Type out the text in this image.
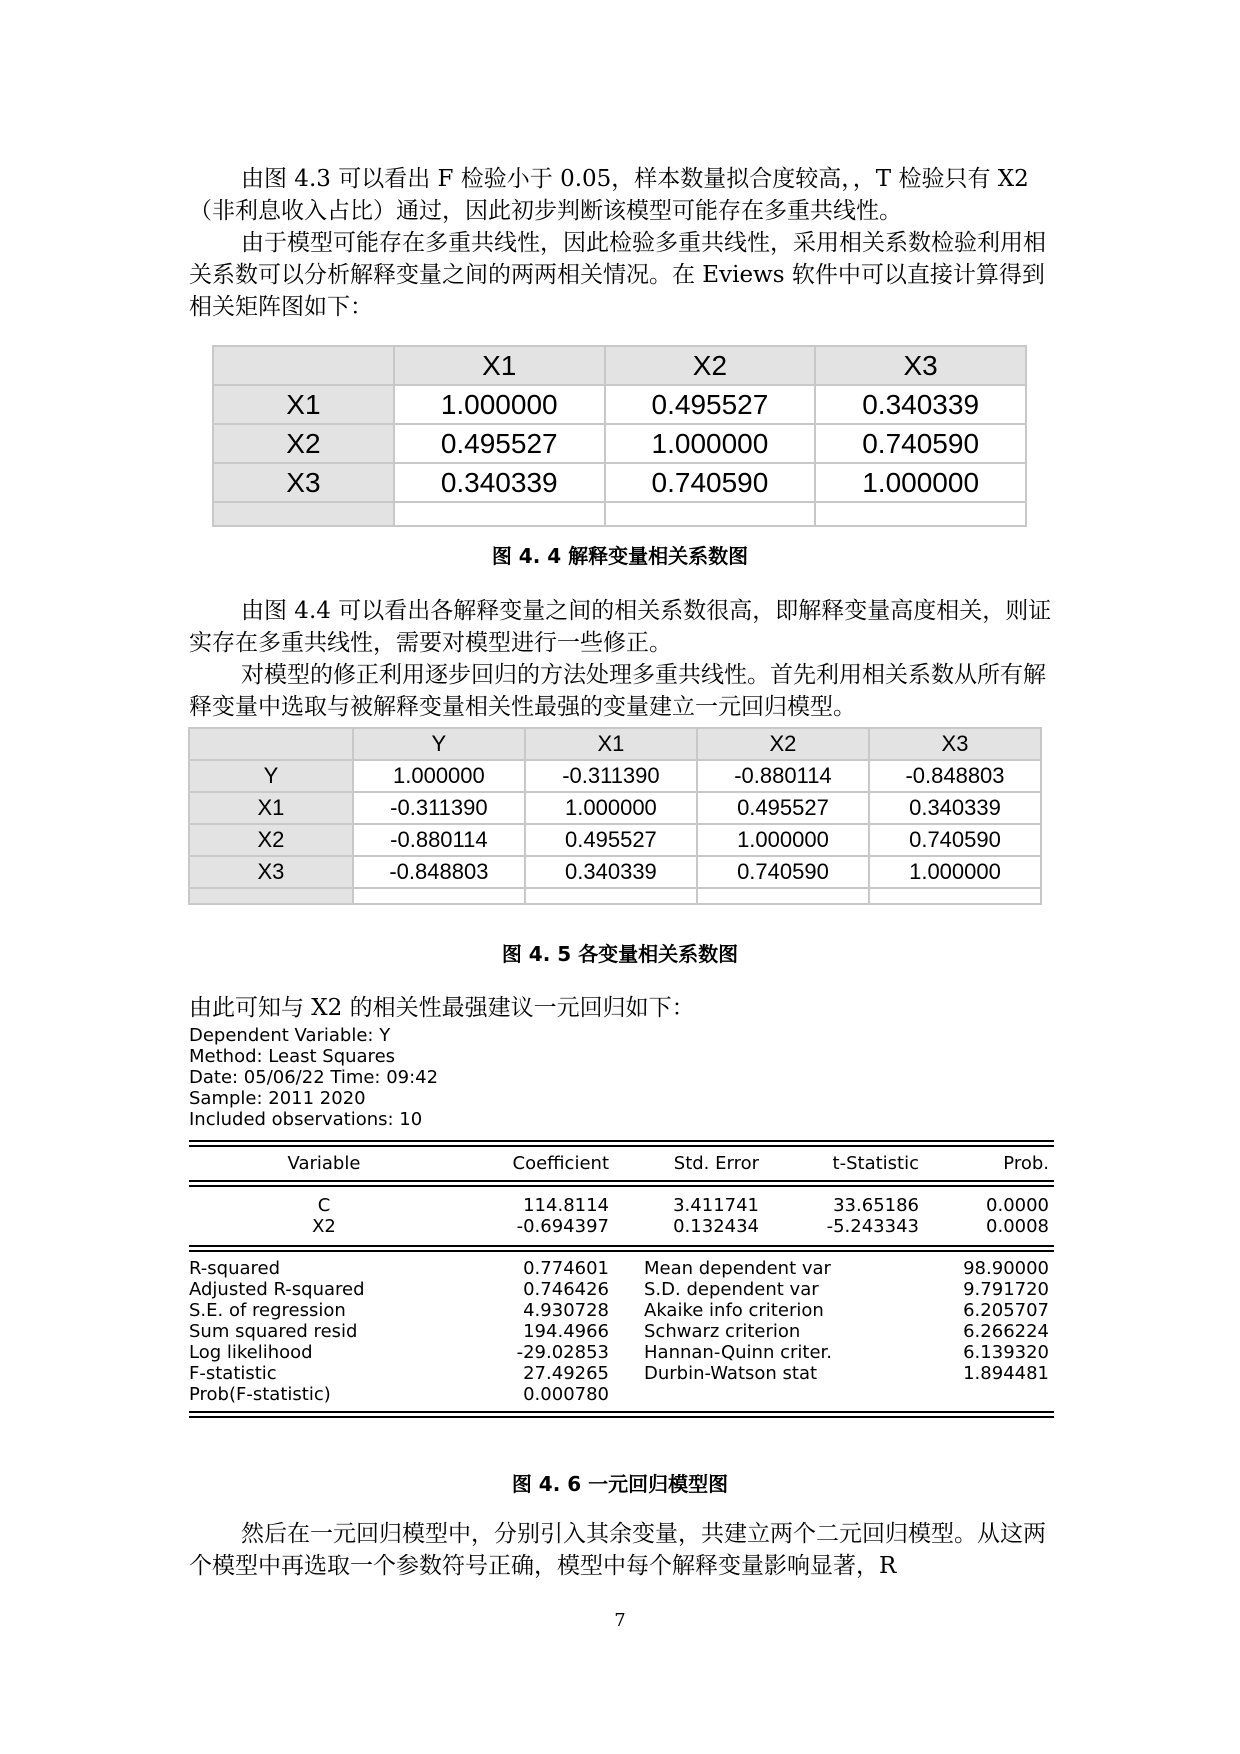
由图 4.3 可以看出 F 检验小于 0.05，样本数量拟合度较高，，T 检验只有 X2（非利息收入占比）通过，因此初步判断该模型可能存在多重共线性。

由于模型可能存在多重共线性，因此检验多重共线性，采用相关系数检验利用相关系数可以分析解释变量之间的两两相关情况。在 Eviews 软件中可以直接计算得到相关矩阵图如下：

	X1	X2	X3
X1	1.000000	0.495527	0.340339
X2	0.495527	1.000000	0.740590
X3	0.340339	0.740590	1.000000

图 4. 4 解释变量相关系数图

由图 4.4 可以看出各解释变量之间的相关系数很高，即解释变量高度相关，则证实存在多重共线性，需要对模型进行一些修正。

对模型的修正利用逐步回归的方法处理多重共线性。首先利用相关系数从所有解释变量中选取与被解释变量相关性最强的变量建立一元回归模型。

	Y	X1	X2	X3
Y	1.000000	-0.311390	-0.880114	-0.848803
X1	-0.311390	1.000000	0.495527	0.340339
X2	-0.880114	0.495527	1.000000	0.740590
X3	-0.848803	0.340339	0.740590	1.000000

图 4. 5 各变量相关系数图

由此可知与 X2 的相关性最强建议一元回归如下：

Dependent Variable: Y
Method: Least Squares
Date: 05/06/22 Time: 09:42
Sample: 2011 2020
Included observations: 10
Variable	Coefficient	Std. Error	t-Statistic	Prob.
C	114.8114	3.411741	33.65186	0.0000
X2	-0.694397	0.132434	-5.243343	0.0008
R-squared	0.774601	Mean dependent var	98.90000
Adjusted R-squared	0.746426	S.D. dependent var	9.791720
S.E. of regression	4.930728	Akaike info criterion	6.205707
Sum squared resid	194.4966	Schwarz criterion	6.266224
Log likelihood	-29.02853	Hannan-Quinn criter.	6.139320
F-statistic	27.49265	Durbin-Watson stat	1.894481
Prob(F-statistic)	0.000780
图 4. 6 一元回归模型图

然后在一元回归模型中，分别引入其余变量，共建立两个二元回归模型。从这两个模型中再选取一个参数符号正确，模型中每个解释变量影响显著，R

7
